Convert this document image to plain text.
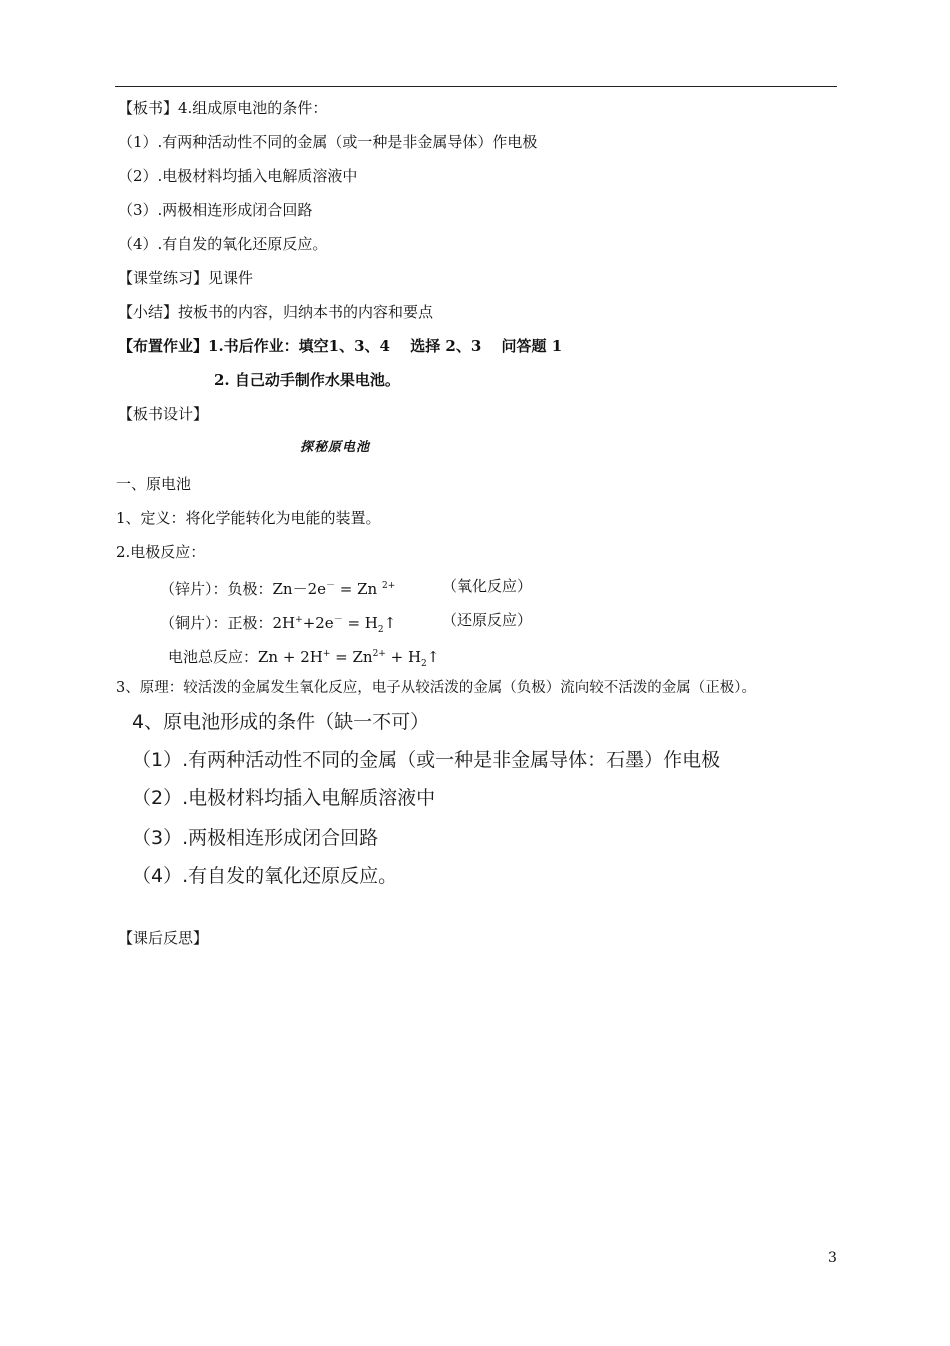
【板书】4.组成原电池的条件：
（1）.有两种活动性不同的金属（或一种是非金属导体）作电极
（2）.电极材料均插入电解质溶液中
（3）.两极相连形成闭合回路
（4）.有自发的氧化还原反应。
【课堂练习】见课件
【小结】按板书的内容，归纳本书的内容和要点
【布置作业】1.书后作业：填空1、3、4　 选择 2、3　 问答题 1
2. 自己动手制作水果电池。
【板书设计】
探秘原电池
一、原电池
1、定义：将化学能转化为电能的装置。
2.电极反应：
（锌片）：负极：Zn－2e－ = Zn $^{2+}$	（氧化反应）
（铜片）：正极：$2H^++2e^- = H_2↑$	（还原反应）
电池总反应：$Zn + 2H^+ = Zn^{2+}$ + $H_2↑$
3、原理：较活泼的金属发生氧化反应，电子从较活泼的金属（负极）流向较不活泼的金属（正极）。
4、原电池形成的条件（缺一不可）
（1）.有两种活动性不同的金属（或一种是非金属导体：石墨）作电极
（2）.电极材料均插入电解质溶液中
（3）.两极相连形成闭合回路
（4）.有自发的氧化还原反应。
【课后反思】
3
